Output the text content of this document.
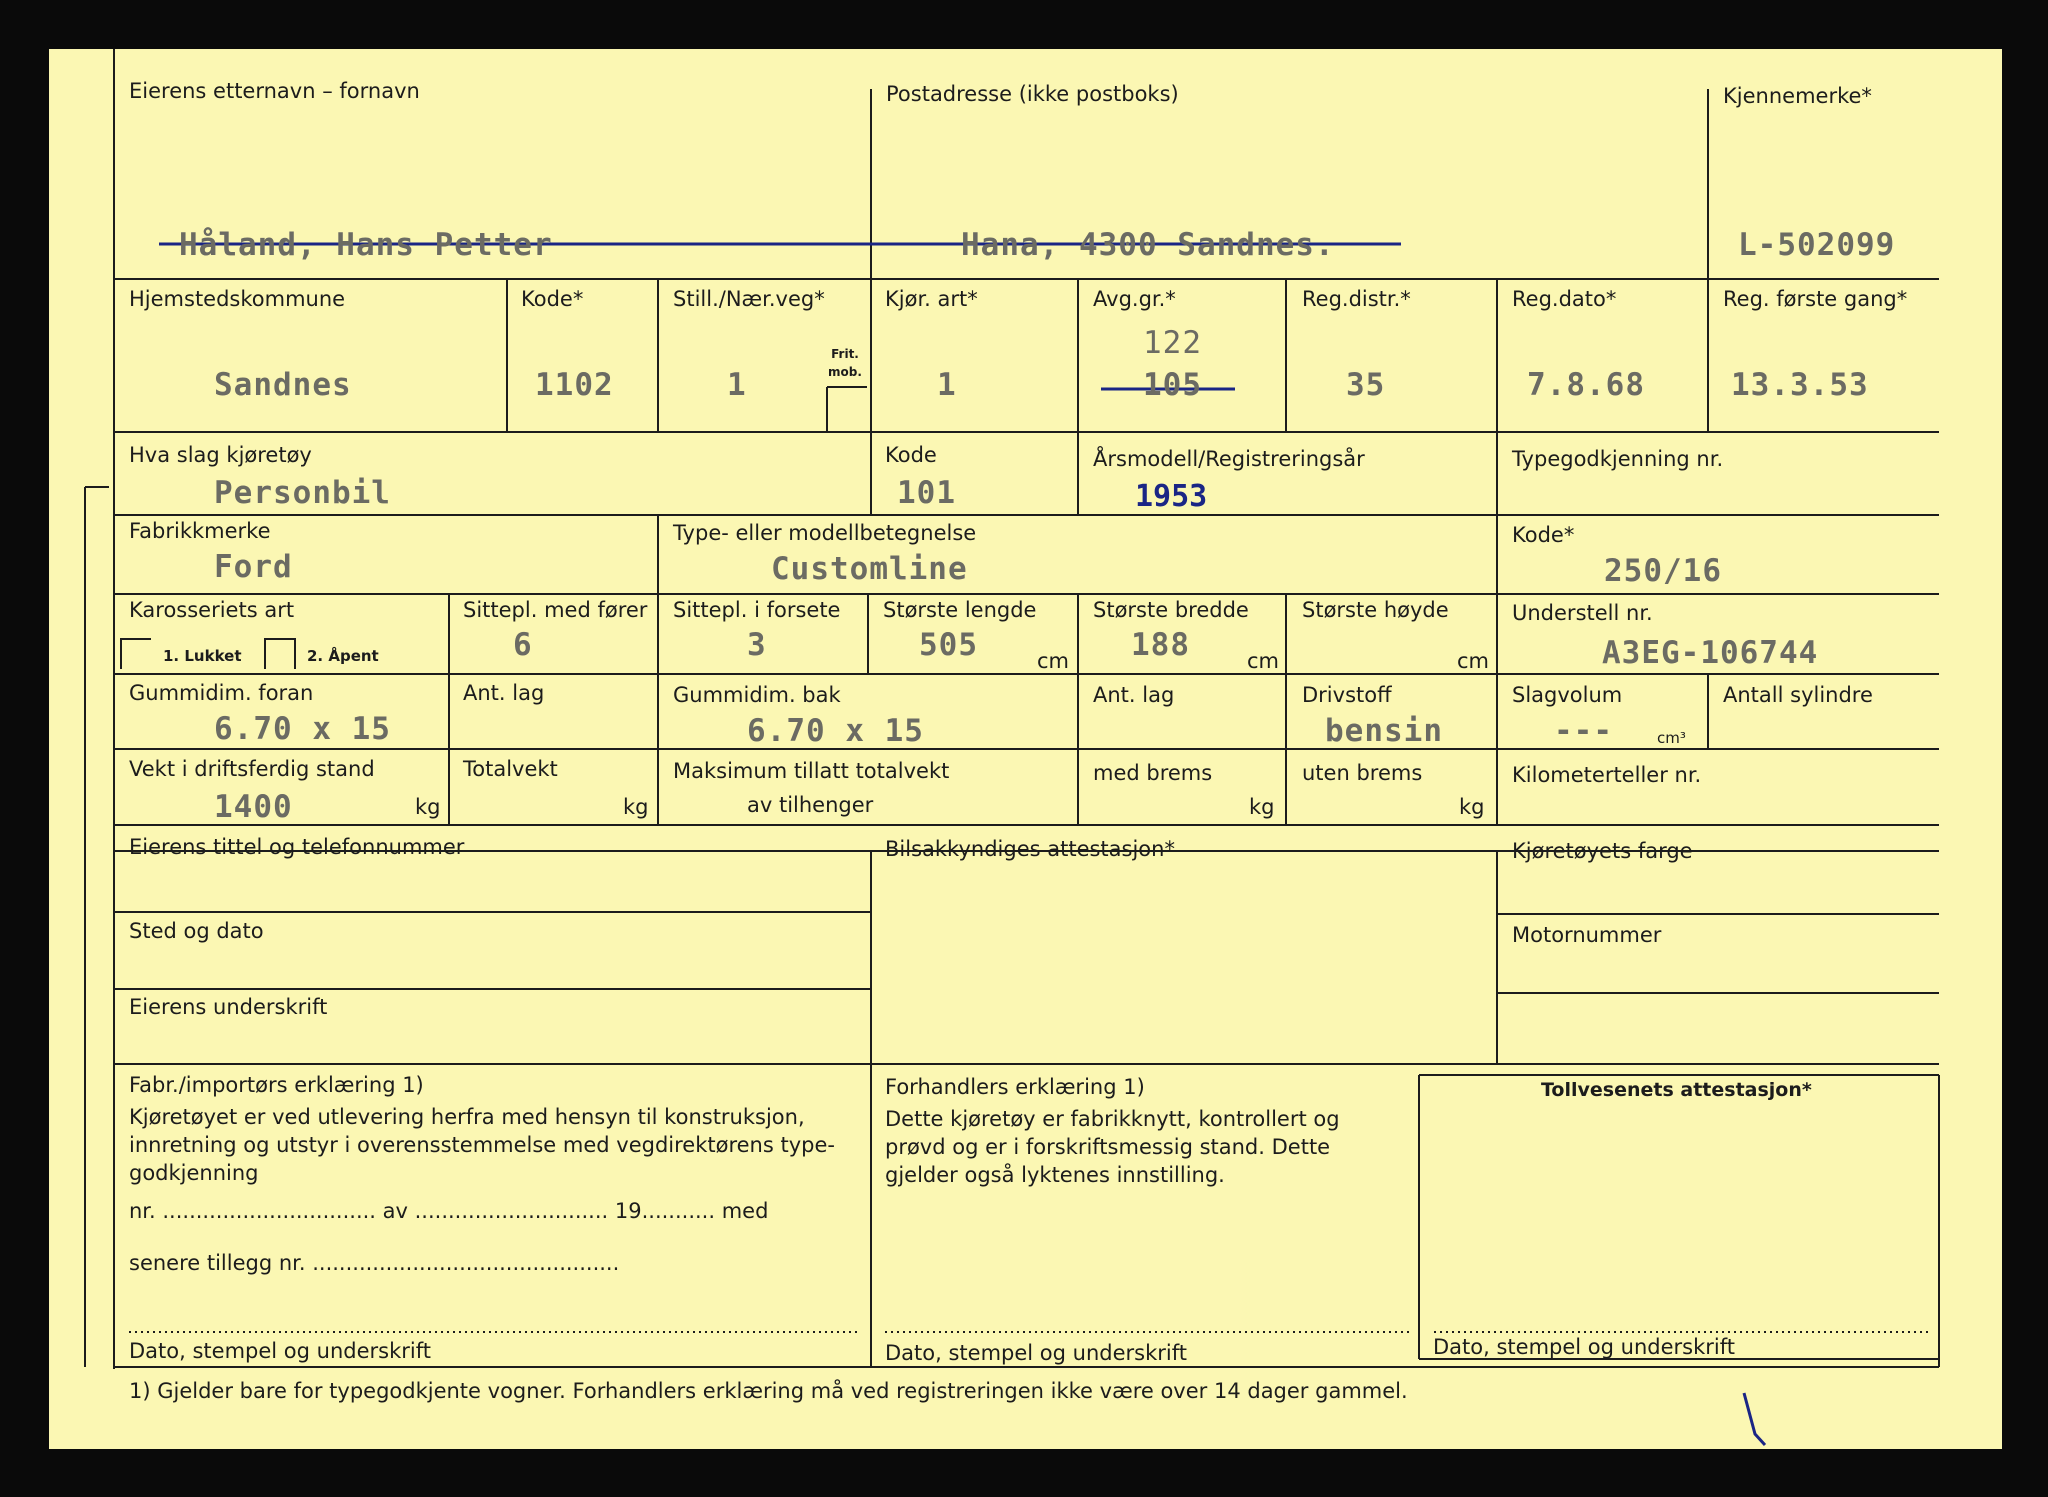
Eierens etternavn – fornavn
Håland, Hans Petter
Postadresse (ikke postboks)
Hana, 4300 Sandnes.
Kjennemerke*
L-502099
Hjemstedskommune
Sandnes
Kode*
1102
Still./Nær.veg*
1
Frit. mob.
Kjør. art*
1
Avg.gr.*
122
105
Reg.distr.*
35
Reg.dato*
7.8.68
Reg. første gang*
13.3.53
Hva slag kjøretøy
Personbil
Kode
101
Årsmodell/Registreringsår
1953
Typegodkjenning nr.
Fabrikkmerke
Ford
Type- eller modellbetegnelse
Customline
Kode*
250/16
Karosseriets art
1. Lukket	2. Åpent
Sittepl. med fører
6
Sittepl. i forsete
3
Største lengde
505	cm
Største bredde
188	cm
Største høyde
cm
Understell nr.
A3EG-106744
Gummidim. foran
6.70 x 15
Ant. lag	Gummidim. bak
6.70 x 15
Ant. lag	Drivstoff
bensin
Slagvolum
---	cm³
Antall sylindre
Vekt i driftsferdig stand
1400	kg
Totalvekt
kg
Maksimum tillatt totalvekt
av tilhenger
med brems
kg
uten brems
kg
Kilometerteller nr.
Eierens tittel og telefonnummer
Sted og dato
Eierens underskrift
Bilsakkyndiges attestasjon*	Kjøretøyets farge
Motornummer
Fabr./importørs erklæring 1)
Kjøretøyet er ved utlevering herfra med hensyn til konstruksjon,
innretning og utstyr i overensstemmelse med vegdirektørens type-
godkjenning
nr. ................................ av ............................. 19........... med
senere tillegg nr. ..............................................
Dato, stempel og underskrift
Forhandlers erklæring 1)
Dette kjøretøy er fabrikknytt, kontrollert og
prøvd og er i forskriftsmessig stand. Dette
gjelder også lyktenes innstilling.
Dato, stempel og underskrift
Tollvesenets attestasjon*
Dato, stempel og underskrift
1) Gjelder bare for typegodkjente vogner. Forhandlers erklæring må ved registreringen ikke være over 14 dager gammel.
